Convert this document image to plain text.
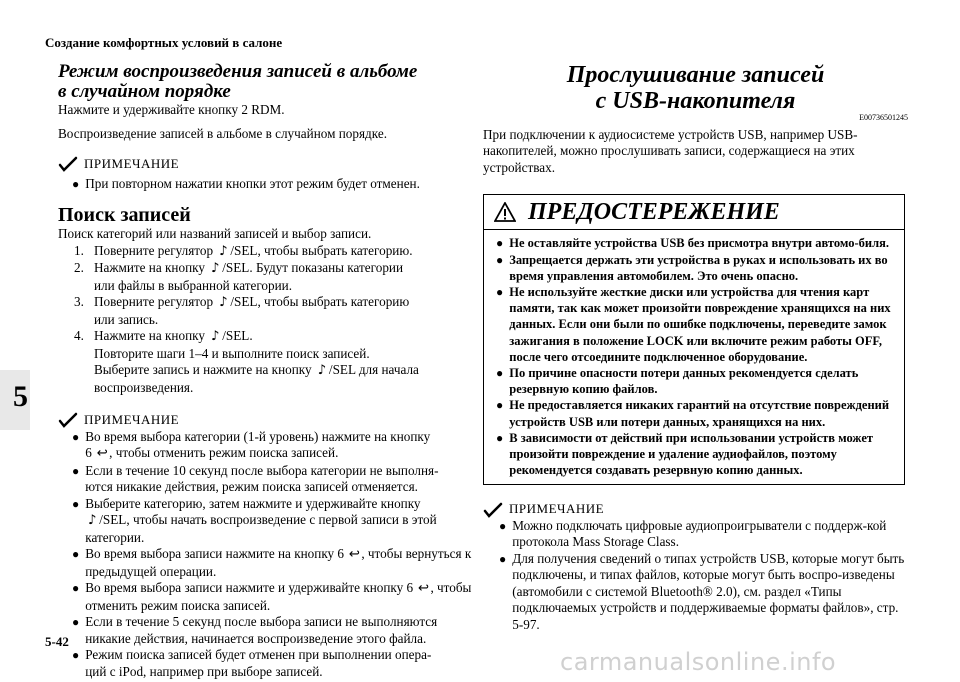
Создание комфортных условий в салоне
5
Режим воспроизведения записей в альбоме
в случайном порядке

Нажмите и удерживайте кнопку 2 RDM.

Воспроизведение записей в альбоме в случайном порядке.

ПРИМЕЧАНИЕ
● При повторном нажатии кнопки этот режим будет отменен.
Поиск записей

Поиск категорий или названий записей и выбор записи.

1. Поверните регулятор ♪ /SEL, чтобы выбрать категорию.
2. Нажмите на кнопку ♪ /SEL. Будут показаны категории
или файлы в выбранной категории.
3. Поверните регулятор ♪ /SEL, чтобы выбрать категорию
или запись.
4. Нажмите на кнопку ♪ /SEL.
Повторите шаги 1–4 и выполните поиск записей.
Выберите запись и нажмите на кнопку ♪ /SEL для начала
воспроизведения.
ПРИМЕЧАНИЕ
● Во время выбора категории (1-й уровень) нажмите на кнопку
6 ↩, чтобы отменить режим поиска записей.
● Если в течение 10 секунд после выбора категории не выполня-
ются никакие действия, режим поиска записей отменяется.
● Выберите категорию, затем нажмите и удерживайте кнопку
♪ /SEL, чтобы начать воспроизведение с первой записи в этой категории.
● Во время выбора записи нажмите на кнопку 6 ↩, чтобы вернуться к предыдущей операции.
● Во время выбора записи нажмите и удерживайте кнопку 6 ↩, чтобы отменить режим поиска записей.
● Если в течение 5 секунд после выбора записи не выполняются
никакие действия, начинается воспроизведение этого файла.
● Режим поиска записей будет отменен при выполнении опера-
ций с iPod, например при выборе записей.
Прослушивание записей
с USB-накопителя
E00736501245

При подключении к аудиосистеме устройств USB, например USB-накопителей, можно прослушивать записи, содержащиеся на этих устройствах.

ПРЕДОСТЕРЕЖЕНИЕ
● Не оставляйте устройства USB без присмотра внутри автомо-биля.
● Запрещается держать эти устройства в руках и использовать их во время управления автомобилем. Это очень опасно.
● Не используйте жесткие диски или устройства для чтения карт памяти, так как может произойти повреждение хранящихся на них данных. Если они были по ошибке подключены, переведите замок зажигания в положение LOCK или включите режим работы OFF, после чего отсоедините подключенное оборудование.
● По причине опасности потери данных рекомендуется сделать резервную копию файлов.
● Не предоставляется никаких гарантий на отсутствие повреждений устройств USB или потери данных, хранящихся на них.
● В зависимости от действий при использовании устройств может произойти повреждение и удаление аудиофайлов, поэтому рекомендуется создавать резервную копию данных.
ПРИМЕЧАНИЕ
● Можно подключать цифровые аудиопроигрыватели с поддерж-кой протокола Mass Storage Class.
● Для получения сведений о типах устройств USB, которые могут быть подключены, и типах файлов, которые могут быть воспро-изведены (автомобили с системой Bluetooth® 2.0), см. раздел «Типы подключаемых устройств и поддерживаемые форматы файлов», стр. 5-97.
5-42
carmanualsonline.info
